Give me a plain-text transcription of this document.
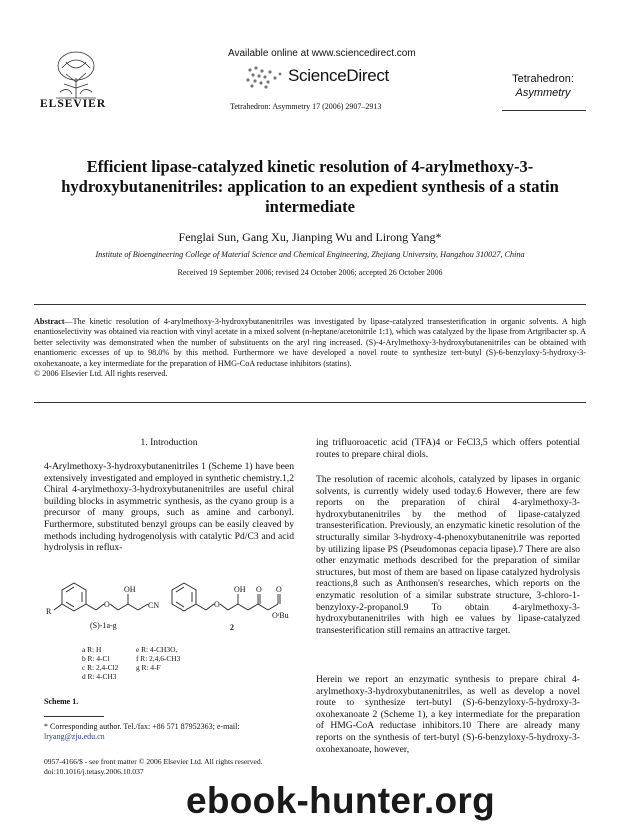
Available online at www.sciencedirect.com
ScienceDirect
Tetrahedron: Asymmetry 17 (2006) 2907–2913
ELSEVIER
Tetrahedron:
Asymmetry
Efficient lipase-catalyzed kinetic resolution of 4-arylmethoxy-3-hydroxybutanenitriles: application to an expedient synthesis of a statin intermediate
Fenglai Sun, Gang Xu, Jianping Wu and Lirong Yang*
Institute of Bioengineering College of Material Science and Chemical Engineering, Zhejiang University, Hangzhou 310027, China
Received 19 September 2006; revised 24 October 2006; accepted 26 October 2006
Abstract—The kinetic resolution of 4-arylmethoxy-3-hydroxybutanenitriles was investigated by lipase-catalyzed transesterification in organic solvents. A high enantioselectivity was obtained via reaction with vinyl acetate in a mixed solvent (n-heptane/acetonitrile 1:1), which was catalyzed by the lipase from Artgribacter sp. A better selectivity was demonstrated when the number of substituents on the aryl ring increased. (S)-4-Arylmethoxy-3-hydroxybutanenitriles can be obtained with enantiomeric excesses of up to 98.0% by this method. Furthermore we have developed a novel route to synthesize tert-butyl (S)-6-benzyloxy-5-hydroxy-3-oxohexanoate, a key intermediate for the preparation of HMG-CoA reductase inhibitors (statins).
© 2006 Elsevier Ltd. All rights reserved.
1. Introduction
4-Arylmethoxy-3-hydroxybutanenitriles 1 (Scheme 1) have been extensively investigated and employed in synthetic chemistry.1,2 Chiral 4-arylmethoxy-3-hydroxybutanenitriles are useful chiral building blocks in asymmetric synthesis, as the cyano group is a precursor of many groups, such as amine and carbonyl. Furthermore, substituted benzyl groups can be easily cleaved by methods including hydrogenolysis with catalytic Pd/C3 and acid hydrolysis in reflux-
O	O
O O
R
OH
CN
OH
OᵗBu
(S)-1a-g	2
a R: H
b R: 4-Cl
c R: 2,4-Cl2
d R: 4-CH3
e R: 4-CH3O,
f R: 2,4,6-CH3
g R: 4-F
Scheme 1.
* Corresponding author. Tel./fax: +86 571 87952363; e-mail: lryang@zju.edu.cn
0957-4166/$ - see front matter © 2006 Elsevier Ltd. All rights reserved.
doi:10.1016/j.tetasy.2006.10.037
ing trifluoroacetic acid (TFA)4 or FeCl3,5 which offers potential routes to prepare chiral diols.
The resolution of racemic alcohols, catalyzed by lipases in organic solvents, is currently widely used today.6 However, there are few reports on the preparation of chiral 4-arylmethoxy-3-hydroxybutanenitriles by the method of lipase-catalyzed transesterification. Previously, an enzymatic kinetic resolution of the structurally similar 3-hydroxy-4-phenoxybutanenitrile was reported by utilizing lipase PS (Pseudomonas cepacia lipase).7 There are also other enzymatic methods described for the preparation of similar structures, but most of them are based on lipase catalyzed hydrolysis reactions,8 such as Anthonsen's researches, which reports on the enzymatic resolution of a similar substrate structure, 3-chloro-1-benzyloxy-2-propanol.9 To obtain 4-arylmethoxy-3-hydroxybutanenitriles with high ee values by lipase-catalyzed transesterification still remains an attractive target.
Herein we report an enzymatic synthesis to prepare chiral 4-arylmethoxy-3-hydroxybutanenitriles, as well as develop a novel route to synthesize tert-butyl (S)-6-benzyloxy-5-hydroxy-3-oxohexanoate 2 (Scheme 1), a key intermediate for the preparation of HMG-CoA reductase inhibitors.10 There are already many reports on the synthesis of tert-butyl (S)-6-benzyloxy-5-hydroxy-3-oxohexanoate, however,
ebook-hunter.org
